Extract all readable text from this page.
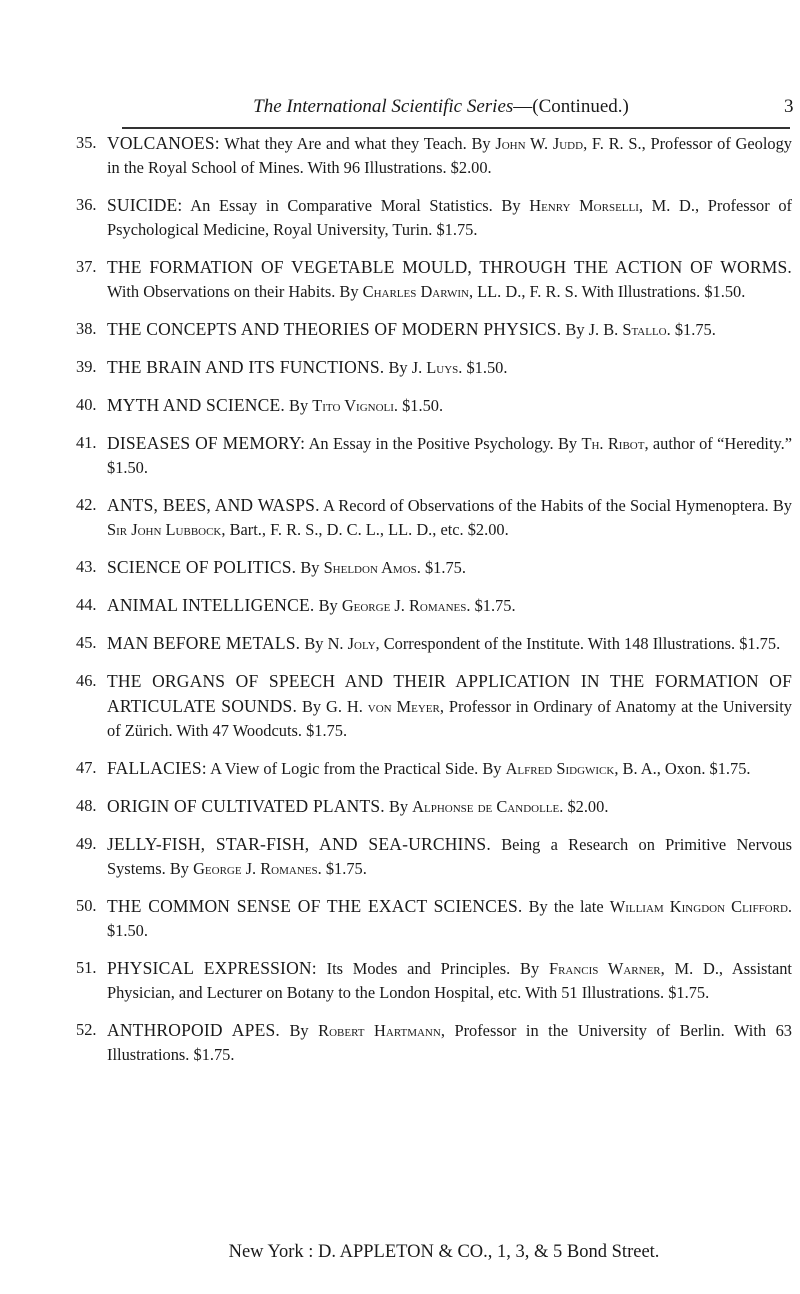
The International Scientific Series—(Continued.)	3
35. VOLCANOES: What they Are and what they Teach. By John W. Judd, F. R. S., Professor of Geology in the Royal School of Mines. With 96 Illustrations. $2.00.
36. SUICIDE: An Essay in Comparative Moral Statistics. By Henry Morselli, M. D., Professor of Psychological Medicine, Royal University, Turin. $1.75.
37. THE FORMATION OF VEGETABLE MOULD, THROUGH THE ACTION OF WORMS. With Observations on their Habits. By Charles Darwin, LL. D., F. R. S. With Illustrations. $1.50.
38. THE CONCEPTS AND THEORIES OF MODERN PHYSICS. By J. B. Stallo. $1.75.
39. THE BRAIN AND ITS FUNCTIONS. By J. Luys. $1.50.
40. MYTH AND SCIENCE. By Tito Vignoli. $1.50.
41. DISEASES OF MEMORY: An Essay in the Positive Psychology. By Th. Ribot, author of “Heredity.” $1.50.
42. ANTS, BEES, AND WASPS. A Record of Observations of the Habits of the Social Hymenoptera. By Sir John Lubbock, Bart., F. R. S., D. C. L., LL. D., etc. $2.00.
43. SCIENCE OF POLITICS. By Sheldon Amos. $1.75.
44. ANIMAL INTELLIGENCE. By George J. Romanes. $1.75.
45. MAN BEFORE METALS. By N. Joly, Correspondent of the Institute. With 148 Illustrations. $1.75.
46. THE ORGANS OF SPEECH AND THEIR APPLICATION IN THE FORMATION OF ARTICULATE SOUNDS. By G. H. von Meyer, Professor in Ordinary of Anatomy at the University of Zürich. With 47 Woodcuts. $1.75.
47. FALLACIES: A View of Logic from the Practical Side. By Alfred Sidgwick, B. A., Oxon. $1.75.
48. ORIGIN OF CULTIVATED PLANTS. By Alphonse de Candolle. $2.00.
49. JELLY-FISH, STAR-FISH, AND SEA-URCHINS. Being a Research on Primitive Nervous Systems. By George J. Romanes. $1.75.
50. THE COMMON SENSE OF THE EXACT SCIENCES. By the late William Kingdon Clifford. $1.50.
51. PHYSICAL EXPRESSION: Its Modes and Principles. By Francis Warner, M. D., Assistant Physician, and Lecturer on Botany to the London Hospital, etc. With 51 Illustrations. $1.75.
52. ANTHROPOID APES. By Robert Hartmann, Professor in the University of Berlin. With 63 Illustrations. $1.75.
New York : D. APPLETON & CO., 1, 3, & 5 Bond Street.
